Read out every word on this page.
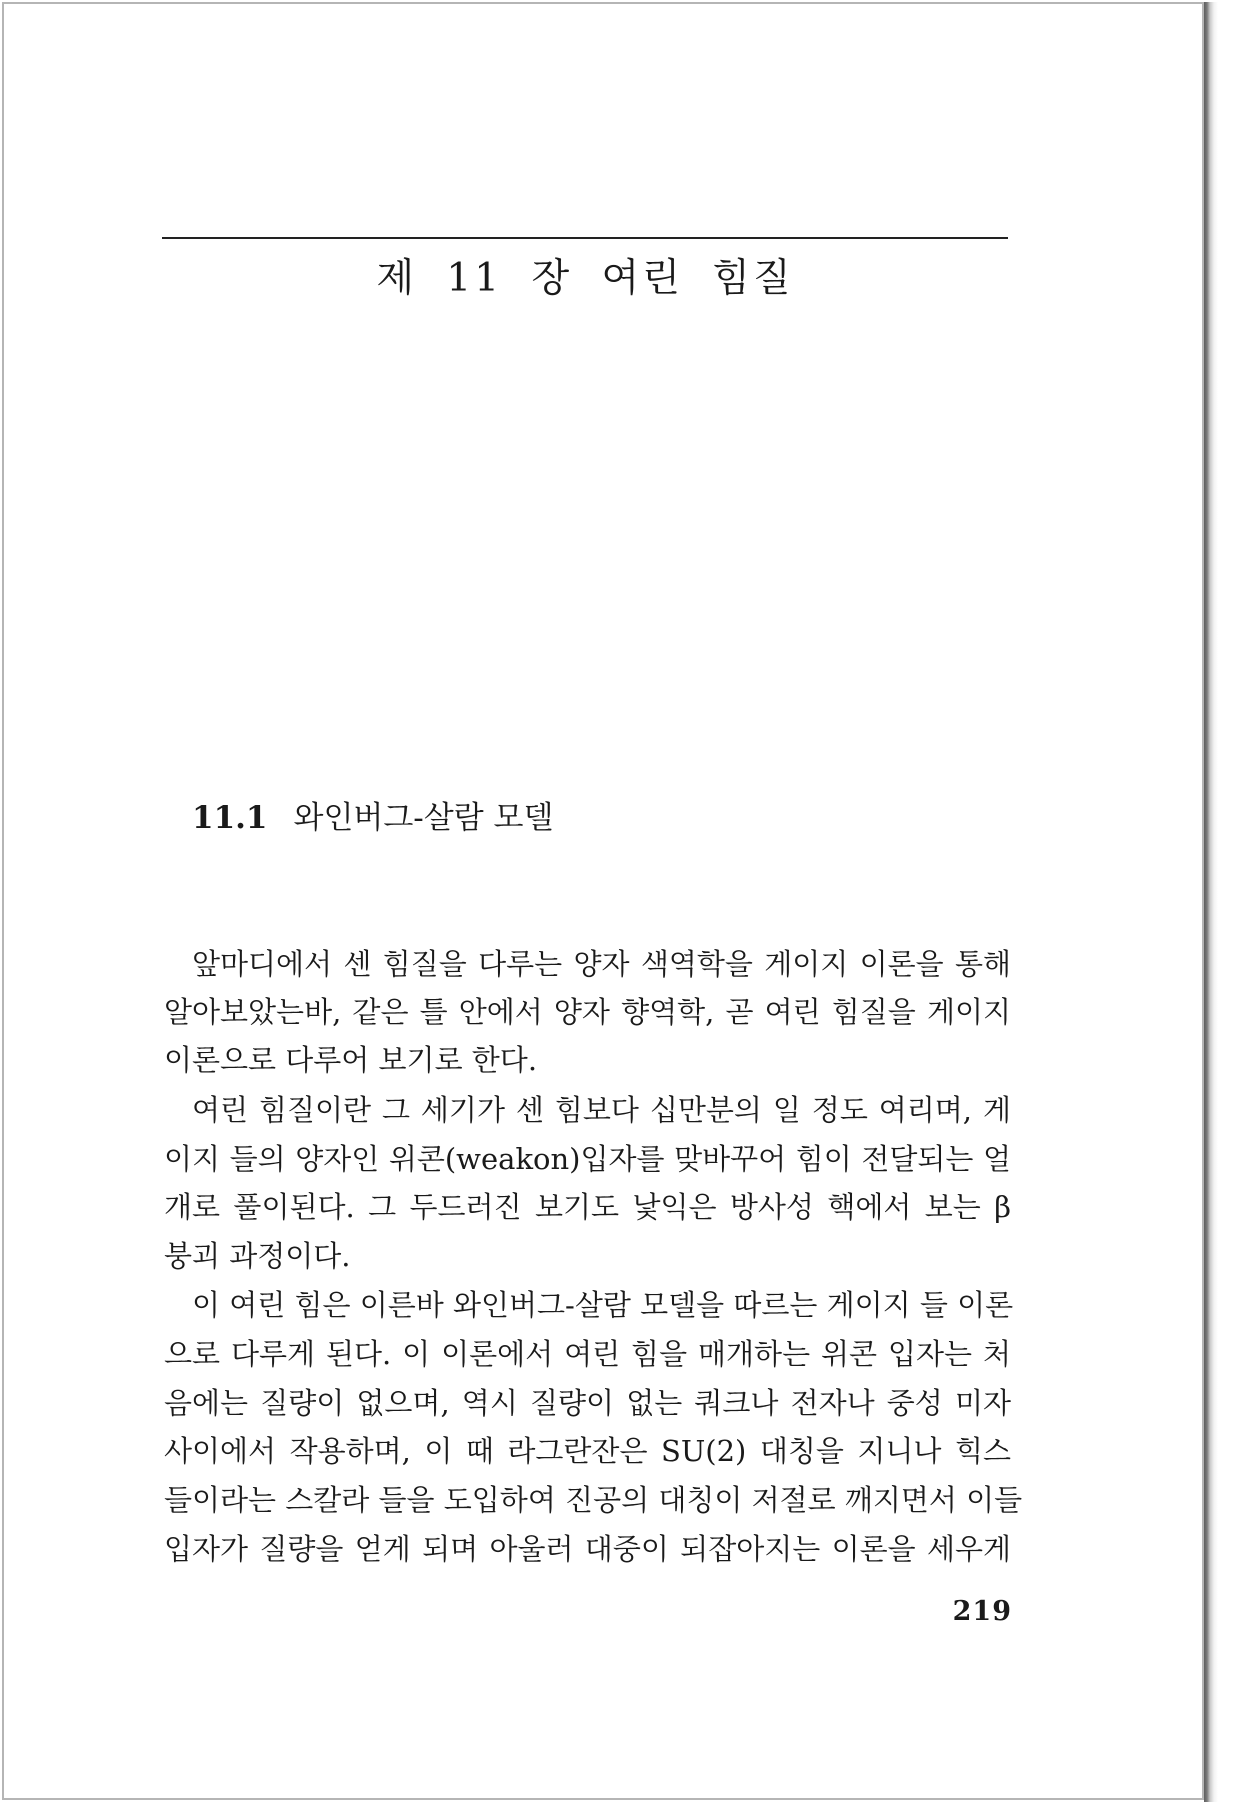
제 11 장 여린 힘질
11.1 와인버그-살람 모델
앞마디에서 센 힘질을 다루는 양자 색역학을 게이지 이론을 통해
알아보았는바, 같은 틀 안에서 양자 향역학, 곧 여린 힘질을 게이지
이론으로 다루어 보기로 한다.
여린 힘질이란 그 세기가 센 힘보다 십만분의 일 정도 여리며, 게
이지 들의 양자인 위콘(weakon)입자를 맞바꾸어 힘이 전달되는 얼
개로 풀이된다. 그 두드러진 보기도 낯익은 방사성 핵에서 보는 β
붕괴 과정이다.
이 여린 힘은 이른바 와인버그-살람 모델을 따르는 게이지 들 이론
으로 다루게 된다. 이 이론에서 여린 힘을 매개하는 위콘 입자는 처
음에는 질량이 없으며, 역시 질량이 없는 쿼크나 전자나 중성 미자
사이에서 작용하며, 이 때 라그란잔은 SU(2) 대칭을 지니나 힉스
들이라는 스칼라 들을 도입하여 진공의 대칭이 저절로 깨지면서 이들
입자가 질량을 얻게 되며 아울러 대중이 되잡아지는 이론을 세우게
219
